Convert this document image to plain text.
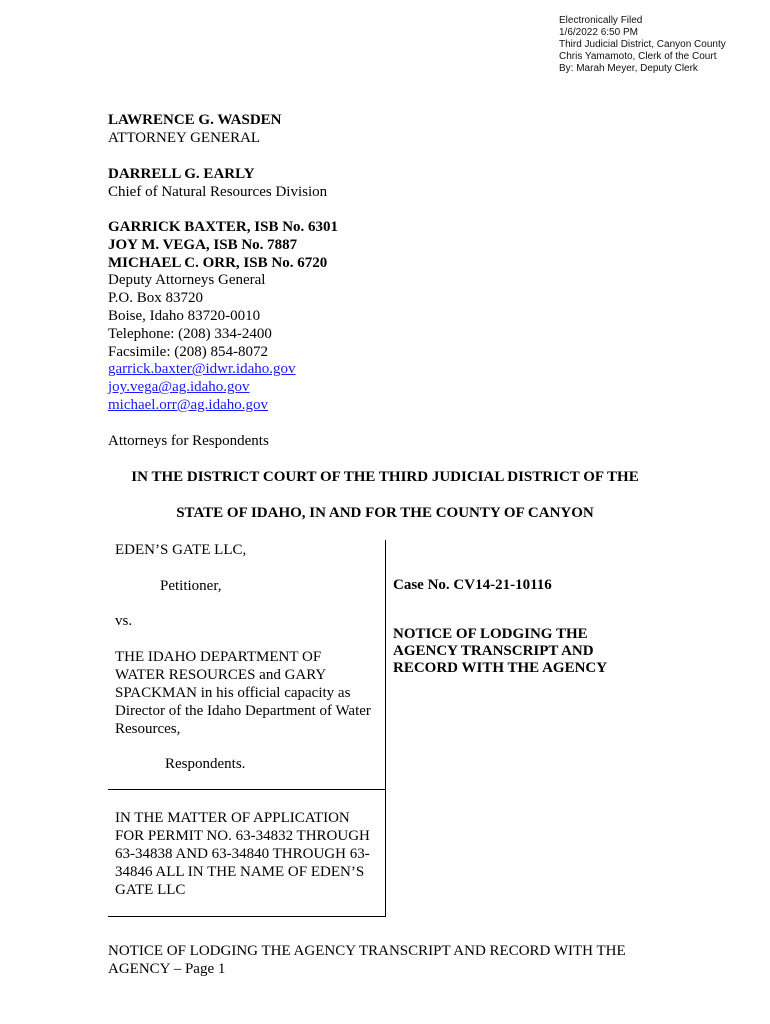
Electronically Filed
1/6/2022 6:50 PM
Third Judicial District, Canyon County
Chris Yamamoto, Clerk of the Court
By: Marah Meyer, Deputy Clerk
LAWRENCE G. WASDEN
ATTORNEY GENERAL
DARRELL G. EARLY
Chief of Natural Resources Division
GARRICK BAXTER, ISB No. 6301
JOY M. VEGA, ISB No. 7887
MICHAEL C. ORR, ISB No. 6720
Deputy Attorneys General
P.O. Box 83720
Boise, Idaho 83720-0010
Telephone: (208) 334-2400
Facsimile: (208) 854-8072
garrick.baxter@idwr.idaho.gov
joy.vega@ag.idaho.gov
michael.orr@ag.idaho.gov
Attorneys for Respondents
IN THE DISTRICT COURT OF THE THIRD JUDICIAL DISTRICT OF THE
STATE OF IDAHO, IN AND FOR THE COUNTY OF CANYON
EDEN’S GATE LLC,
Petitioner,
vs.
THE IDAHO DEPARTMENT OF
WATER RESOURCES and GARY
SPACKMAN in his official capacity as
Director of the Idaho Department of Water
Resources,
Respondents.
IN THE MATTER OF APPLICATION
FOR PERMIT NO. 63-34832 THROUGH
63-34838 AND 63-34840 THROUGH 63-
34846 ALL IN THE NAME OF EDEN’S
GATE LLC
Case No. CV14-21-10116
NOTICE OF LODGING THE
AGENCY TRANSCRIPT AND
RECORD WITH THE AGENCY
NOTICE OF LODGING THE AGENCY TRANSCRIPT AND RECORD WITH THE
AGENCY – Page 1
